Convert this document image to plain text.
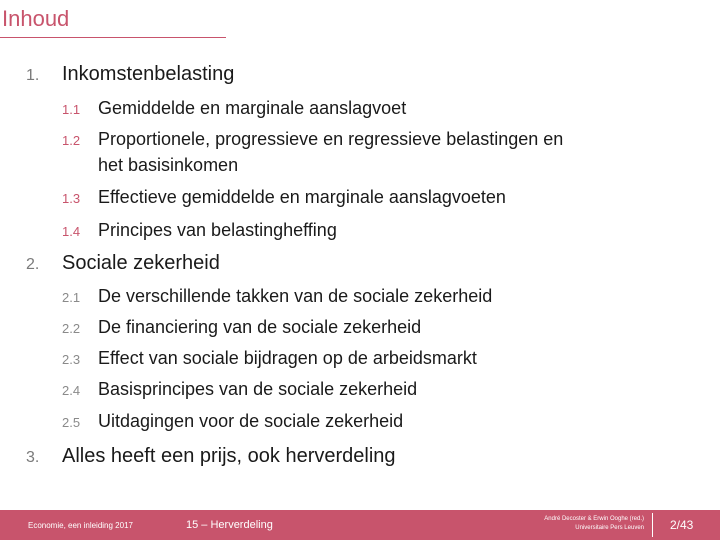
Inhoud
1. Inkomstenbelasting
1.1 Gemiddelde en marginale aanslagvoet
1.2 Proportionele, progressieve en regressieve belastingen en
het basisinkomen
1.3 Effectieve gemiddelde en marginale aanslagvoeten
1.4 Principes van belastingheffing
2. Sociale zekerheid
2.1 De verschillende takken van de sociale zekerheid
2.2 De financiering van de sociale zekerheid
2.3 Effect van sociale bijdragen op de arbeidsmarkt
2.4 Basisprincipes van de sociale zekerheid
2.5 Uitdagingen voor de sociale zekerheid
3. Alles heeft een prijs, ook herverdeling
Economie, een inleiding 2017	15 – Herverdeling	André Decoster & Erwin Ooghe (red.)
Universitaire Pers Leuven 2/43
